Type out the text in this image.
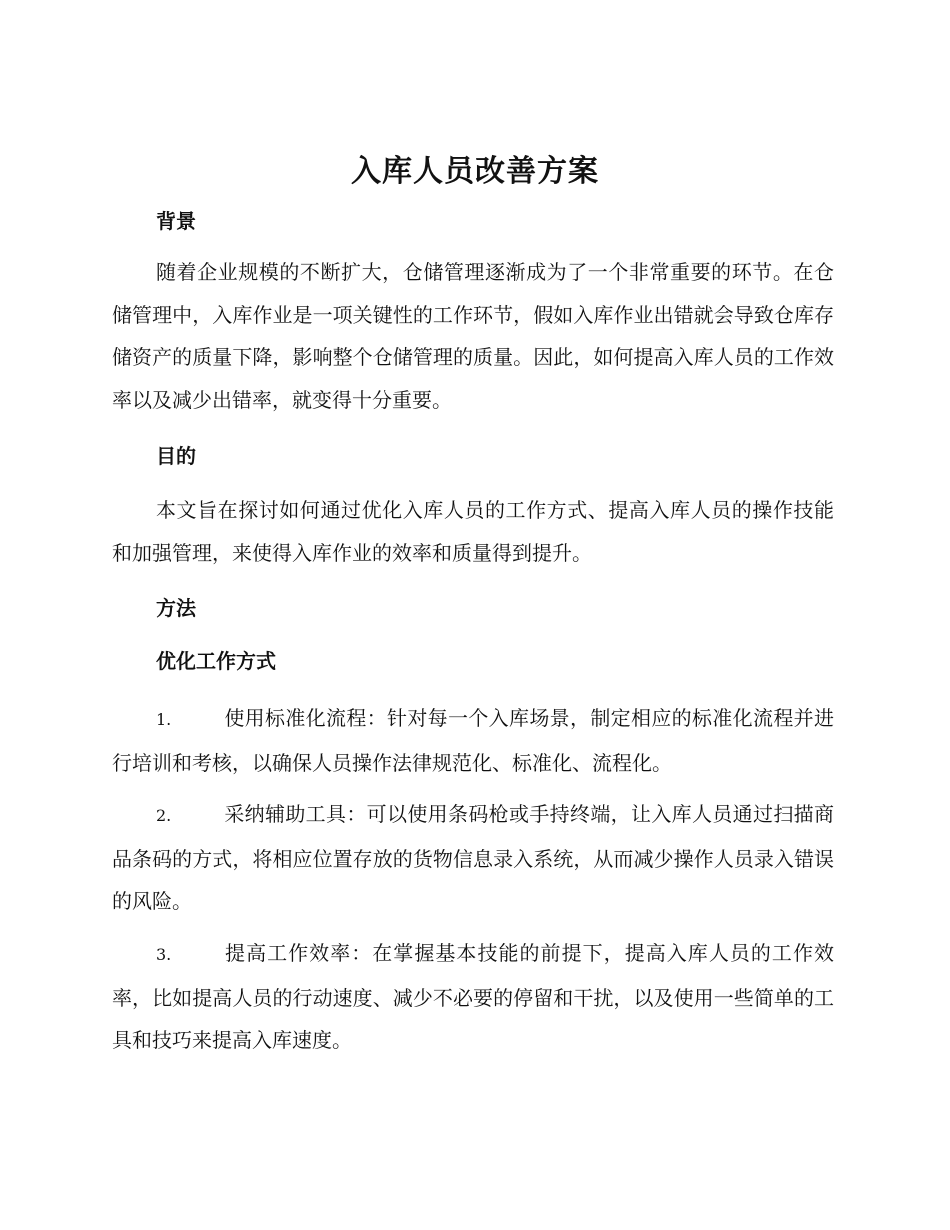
入库人员改善方案
背景

随着企业规模的不断扩大，仓储管理逐渐成为了一个非常重要的环节。在仓储管理中，入库作业是一项关键性的工作环节，假如入库作业出错就会导致仓库存储资产的质量下降，影响整个仓储管理的质量。因此，如何提高入库人员的工作效率以及减少出错率，就变得十分重要。

目的

本文旨在探讨如何通过优化入库人员的工作方式、提高入库人员的操作技能和加强管理，来使得入库作业的效率和质量得到提升。

方法
优化工作方式

1.	使用标准化流程：针对每一个入库场景，制定相应的标准化流程并进行培训和考核，以确保人员操作法律规范化、标准化、流程化。

2.	采纳辅助工具：可以使用条码枪或手持终端，让入库人员通过扫描商品条码的方式，将相应位置存放的货物信息录入系统，从而减少操作人员录入错误的风险。

3.	提高工作效率：在掌握基本技能的前提下，提高入库人员的工作效率，比如提高人员的行动速度、减少不必要的停留和干扰，以及使用一些简单的工具和技巧来提高入库速度。
